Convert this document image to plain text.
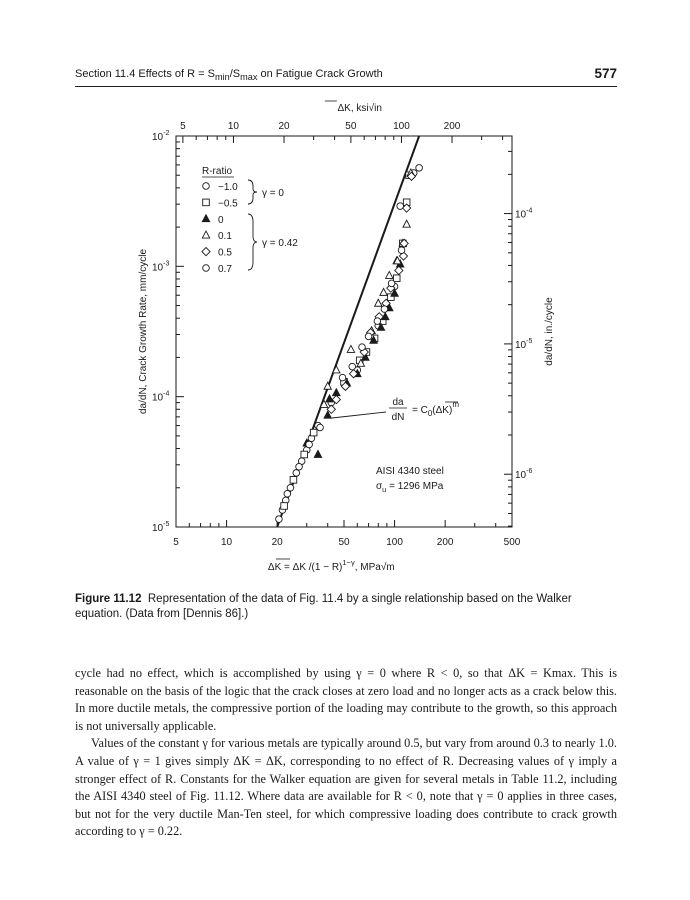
Section 11.4 Effects of $R = S_{min}/S_{max}$ on Fatigue Crack Growth	577
R-ratio
−1.0
−0.5
0
0.1
0.5
0.7
γ = 0
γ = 0.42
5	10	20	50	100	200	500
5	10	20	50	100	200
ΔK, ksi√in
$10^{-2}$
$10^{-3}$
$10^{-4}$
$10^{-5}$
da/dN, Crack Growth Rate, mm/cycle
$10^{-4}$
$10^{-5}$
$10^{-6}$
da/dN, in./cycle
ΔK = ΔK $/(1 - R)^{1-\gamma}$, MPa√m
da
dN
= $C_0(\Delta K)^m$
AISI 4340 steel
$\sigma_u = 1296$ MPa
Figure 11.12 Representation of the data of Fig. 11.4 by a single relationship based on the Walker equation. (Data from [Dennis 86].)

cycle had no effect, which is accomplished by using γ = 0 where R < 0, so that ΔK = Kmax. This is reasonable on the basis of the logic that the crack closes at zero load and no longer acts as a crack below this. In more ductile metals, the compressive portion of the loading may contribute to the growth, so this approach is not universally applicable.

Values of the constant γ for various metals are typically around 0.5, but vary from around 0.3 to nearly 1.0. A value of γ = 1 gives simply ΔK = ΔK, corresponding to no effect of R. Decreasing values of γ imply a stronger effect of R. Constants for the Walker equation are given for several metals in Table 11.2, including the AISI 4340 steel of Fig. 11.12. Where data are available for R < 0, note that γ = 0 applies in three cases, but not for the very ductile Man-Ten steel, for which compressive loading does contribute to crack growth according to γ = 0.22.
